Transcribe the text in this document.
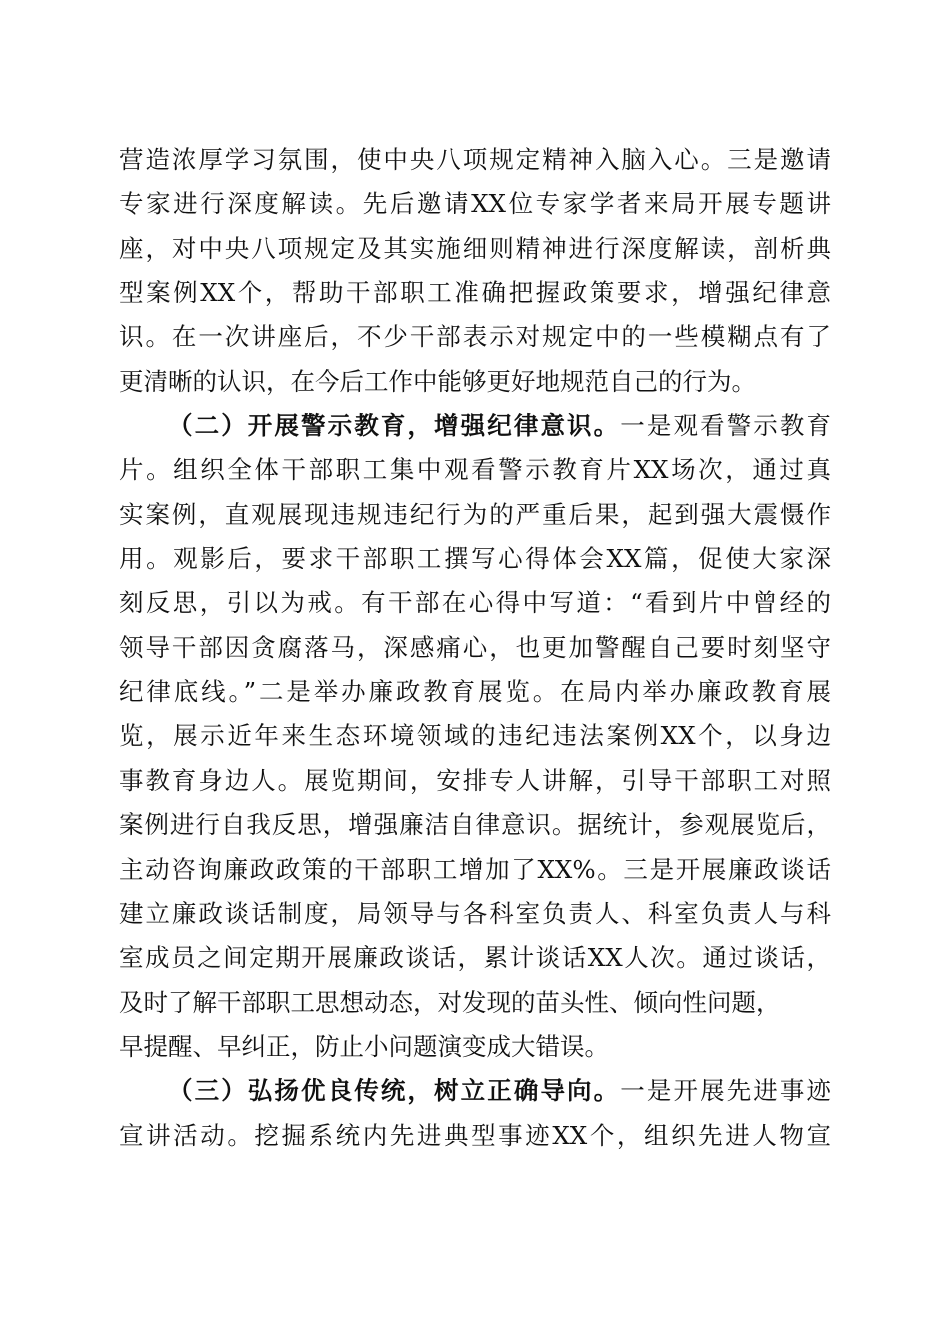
营造浓厚学习氛围，使中央八项规定精神入脑入心。三是邀请
专家进行深度解读。先后邀请XX位专家学者来局开展专题讲
座，对中央八项规定及其实施细则精神进行深度解读，剖析典
型案例XX个，帮助干部职工准确把握政策要求，增强纪律意
识。在一次讲座后，不少干部表示对规定中的一些模糊点有了
更清晰的认识，在今后工作中能够更好地规范自己的行为。
（二）开展警示教育，增强纪律意识。一是观看警示教育
片。组织全体干部职工集中观看警示教育片XX场次，通过真
实案例，直观展现违规违纪行为的严重后果，起到强大震慑作
用。观影后，要求干部职工撰写心得体会XX篇，促使大家深
刻反思，引以为戒。有干部在心得中写道：“看到片中曾经的
领导干部因贪腐落马，深感痛心，也更加警醒自己要时刻坚守
纪律底线。”二是举办廉政教育展览。在局内举办廉政教育展
览，展示近年来生态环境领域的违纪违法案例XX个，以身边
事教育身边人。展览期间，安排专人讲解，引导干部职工对照
案例进行自我反思，增强廉洁自律意识。据统计，参观展览后，
主动咨询廉政政策的干部职工增加了XX%。三是开展廉政谈话
建立廉政谈话制度，局领导与各科室负责人、科室负责人与科
室成员之间定期开展廉政谈话，累计谈话XX人次。通过谈话，
及时了解干部职工思想动态，对发现的苗头性、倾向性问题，
早提醒、早纠正，防止小问题演变成大错误。
（三）弘扬优良传统，树立正确导向。一是开展先进事迹
宣讲活动。挖掘系统内先进典型事迹XX个，组织先进人物宣
